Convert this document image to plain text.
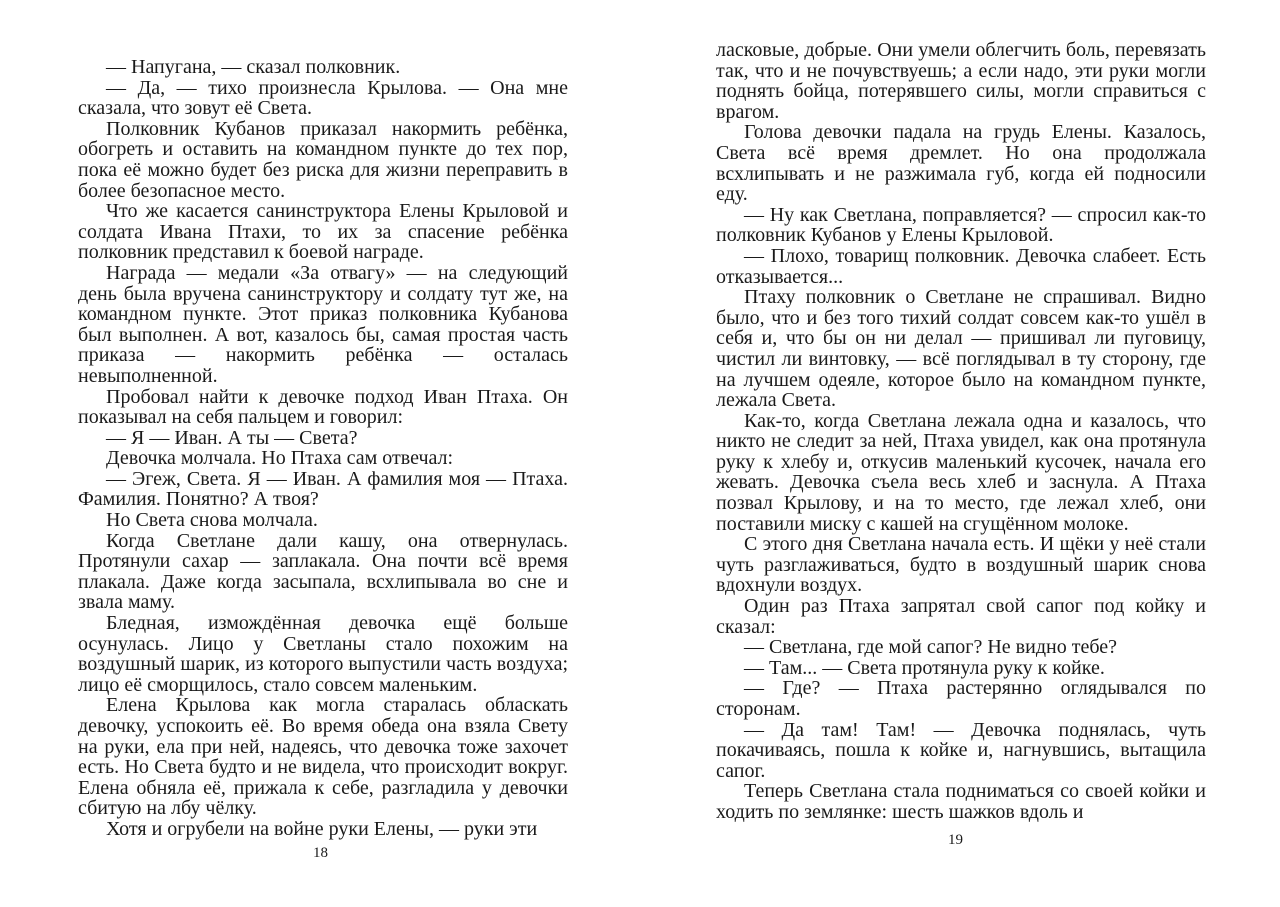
— Напугана, — сказал полковник.

— Да, — тихо произнесла Крылова. — Она мне сказала, что зовут её Света.

Полковник Кубанов приказал накормить ребёнка, обогреть и оставить на командном пункте до тех пор, пока её можно будет без риска для жизни переправить в более безопасное место.

Что же касается санинструктора Елены Крыловой и солдата Ивана Птахи, то их за спасение ребёнка полковник представил к боевой награде.

Награда — медали «За отвагу» — на следующий день была вручена санинструктору и солдату тут же, на командном пункте. Этот приказ полковника Кубанова был выполнен. А вот, казалось бы, самая простая часть приказа — накормить ребёнка — осталась невыполненной.

Пробовал найти к девочке подход Иван Птаха. Он показывал на себя пальцем и говорил:

— Я — Иван. А ты — Света?

Девочка молчала. Но Птаха сам отвечал:

— Эгеж, Света. Я — Иван. А фамилия моя — Птаха. Фамилия. Понятно? А твоя?

Но Света снова молчала.

Когда Светлане дали кашу, она отвернулась. Протянули сахар — заплакала. Она почти всё время плакала. Даже когда засыпала, всхлипывала во сне и звала маму.

Бледная, измождённая девочка ещё больше осунулась. Лицо у Светланы стало похожим на воздушный шарик, из которого выпустили часть воздуха; лицо её сморщилось, стало совсем маленьким.

Елена Крылова как могла старалась обласкать девочку, успокоить её. Во время обеда она взяла Свету на руки, ела при ней, надеясь, что девочка тоже захочет есть. Но Света будто и не видела, что происходит вокруг. Елена обняла её, прижала к себе, разгладила у девочки сбитую на лбу чёлку.

Хотя и огрубели на войне руки Елены, — руки эти

18

ласковые, добрые. Они умели облегчить боль, перевязать так, что и не почувствуешь; а если надо, эти руки могли поднять бойца, потерявшего силы, могли справиться с врагом.

Голова девочки падала на грудь Елены. Казалось, Света всё время дремлет. Но она продолжала всхлипывать и не разжимала губ, когда ей подносили еду.

— Ну как Светлана, поправляется? — спросил как-то полковник Кубанов у Елены Крыловой.

— Плохо, товарищ полковник. Девочка слабеет. Есть отказывается...

Птаху полковник о Светлане не спрашивал. Видно было, что и без того тихий солдат совсем как-то ушёл в себя и, что бы он ни делал — пришивал ли пуговицу, чистил ли винтовку, — всё поглядывал в ту сторону, где на лучшем одеяле, которое было на командном пункте, лежала Света.

Как-то, когда Светлана лежала одна и казалось, что никто не следит за ней, Птаха увидел, как она протянула руку к хлебу и, откусив маленький кусочек, начала его жевать. Девочка съела весь хлеб и заснула. А Птаха позвал Крылову, и на то место, где лежал хлеб, они поставили миску с кашей на сгущённом молоке.

С этого дня Светлана начала есть. И щёки у неё стали чуть разглаживаться, будто в воздушный шарик снова вдохнули воздух.

Один раз Птаха запрятал свой сапог под койку и сказал:

— Светлана, где мой сапог? Не видно тебе?

— Там... — Света протянула руку к койке.

— Где? — Птаха растерянно оглядывался по сторонам.

— Да там! Там! — Девочка поднялась, чуть покачиваясь, пошла к койке и, нагнувшись, вытащила сапог.

Теперь Светлана стала подниматься со своей койки и ходить по землянке: шесть шажков вдоль и

19
